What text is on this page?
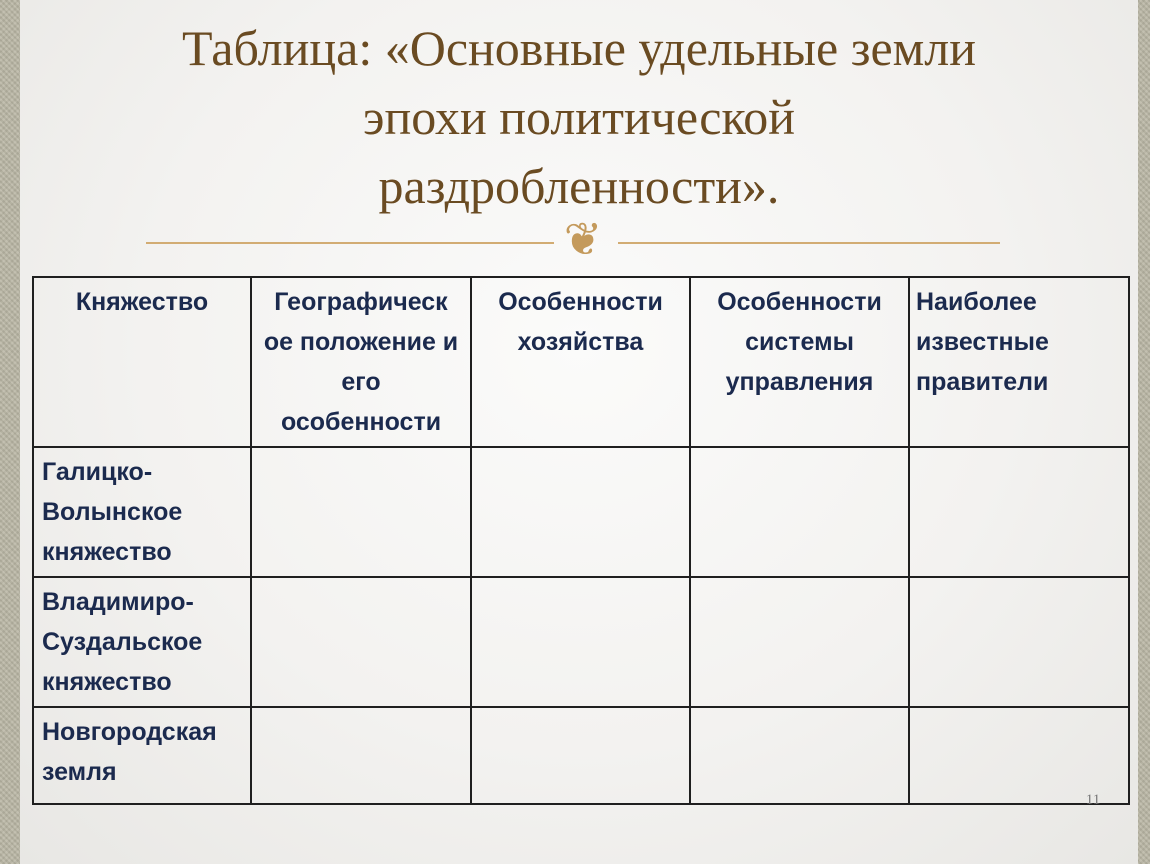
Таблица: «Основные удельные земли
эпохи политической
раздробленности».
❦
Княжество	Географическ ое положение и его особенности	Особенности хозяйства	Особенности системы управления	Наиболее известные правители
Галицко-Волынское княжество				
Владимиро-Суздальское княжество				
Новгородская земля				
11
